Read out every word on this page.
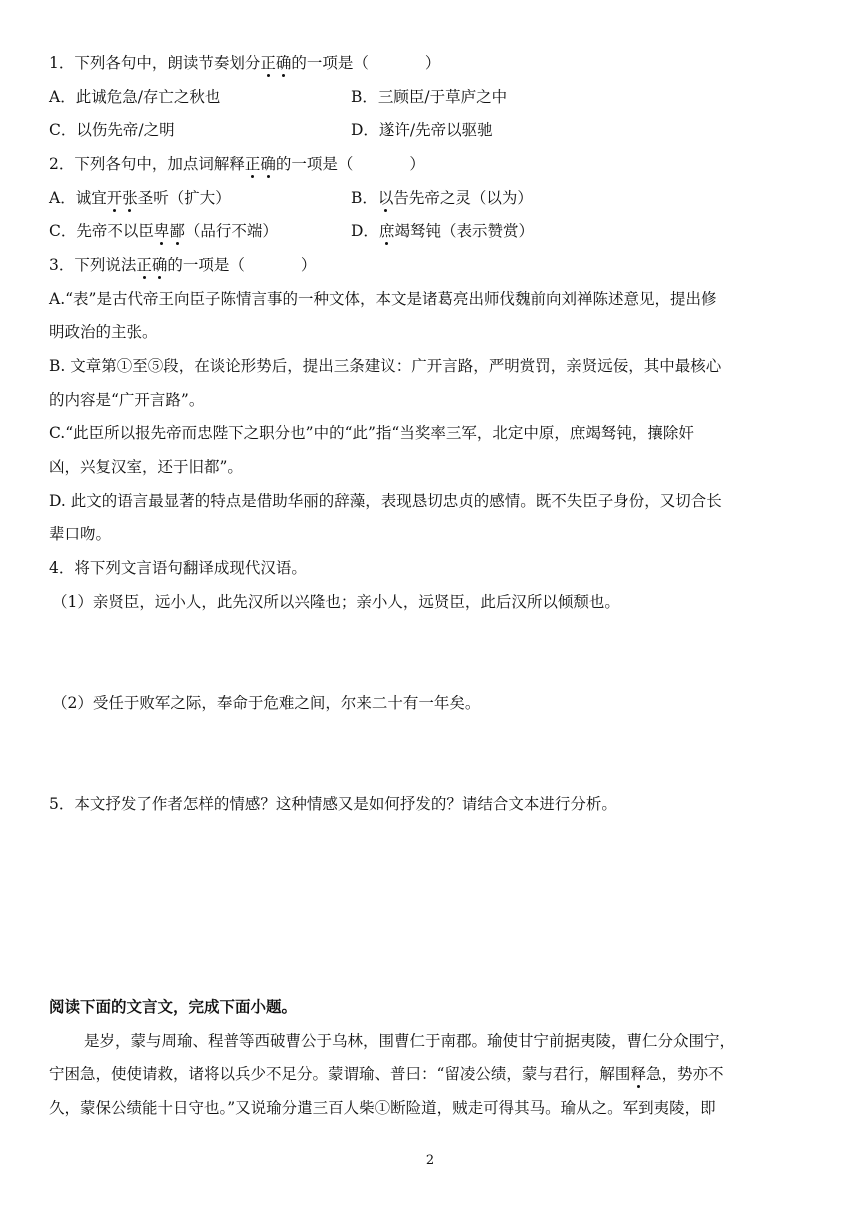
1．下列各句中，朗读节奏划分正确的一项是（	）
A．此诚危急/存亡之秋也	B．三顾臣/于草庐之中
C．以伤先帝/之明	D．遂许/先帝以驱驰
2．下列各句中，加点词解释正确的一项是（	）
A．诚宜开张圣听（扩大）	B．以告先帝之灵（以为）
C．先帝不以臣卑鄙（品行不端）	D．庶竭驽钝（表示赞赏）
3．下列说法正确的一项是（	）
A.“表”是古代帝王向臣子陈情言事的一种文体，本文是诸葛亮出师伐魏前向刘禅陈述意见，提出修
明政治的主张。
B. 文章第①至⑤段，在谈论形势后，提出三条建议：广开言路，严明赏罚，亲贤远佞，其中最核心
的内容是“广开言路”。
C.“此臣所以报先帝而忠陛下之职分也”中的“此”指“当奖率三军，北定中原，庶竭驽钝，攘除奸
凶，兴复汉室，还于旧都”。
D. 此文的语言最显著的特点是借助华丽的辞藻，表现恳切忠贞的感情。既不失臣子身份，又切合长
辈口吻。
4．将下列文言语句翻译成现代汉语。
（1）亲贤臣，远小人，此先汉所以兴隆也；亲小人，远贤臣，此后汉所以倾颓也。
（2）受任于败军之际，奉命于危难之间，尔来二十有一年矣。
5．本文抒发了作者怎样的情感？这种情感又是如何抒发的？请结合文本进行分析。
阅读下面的文言文，完成下面小题。
是岁，蒙与周瑜、程普等西破曹公于乌林，围曹仁于南郡。瑜使甘宁前据夷陵，曹仁分众围宁，
宁困急，使使请救，诸将以兵少不足分。蒙谓瑜、普曰：“留凌公绩，蒙与君行，解围释急，势亦不
久，蒙保公绩能十日守也。”又说瑜分遣三百人柴①断险道，贼走可得其马。瑜从之。军到夷陵，即
2
